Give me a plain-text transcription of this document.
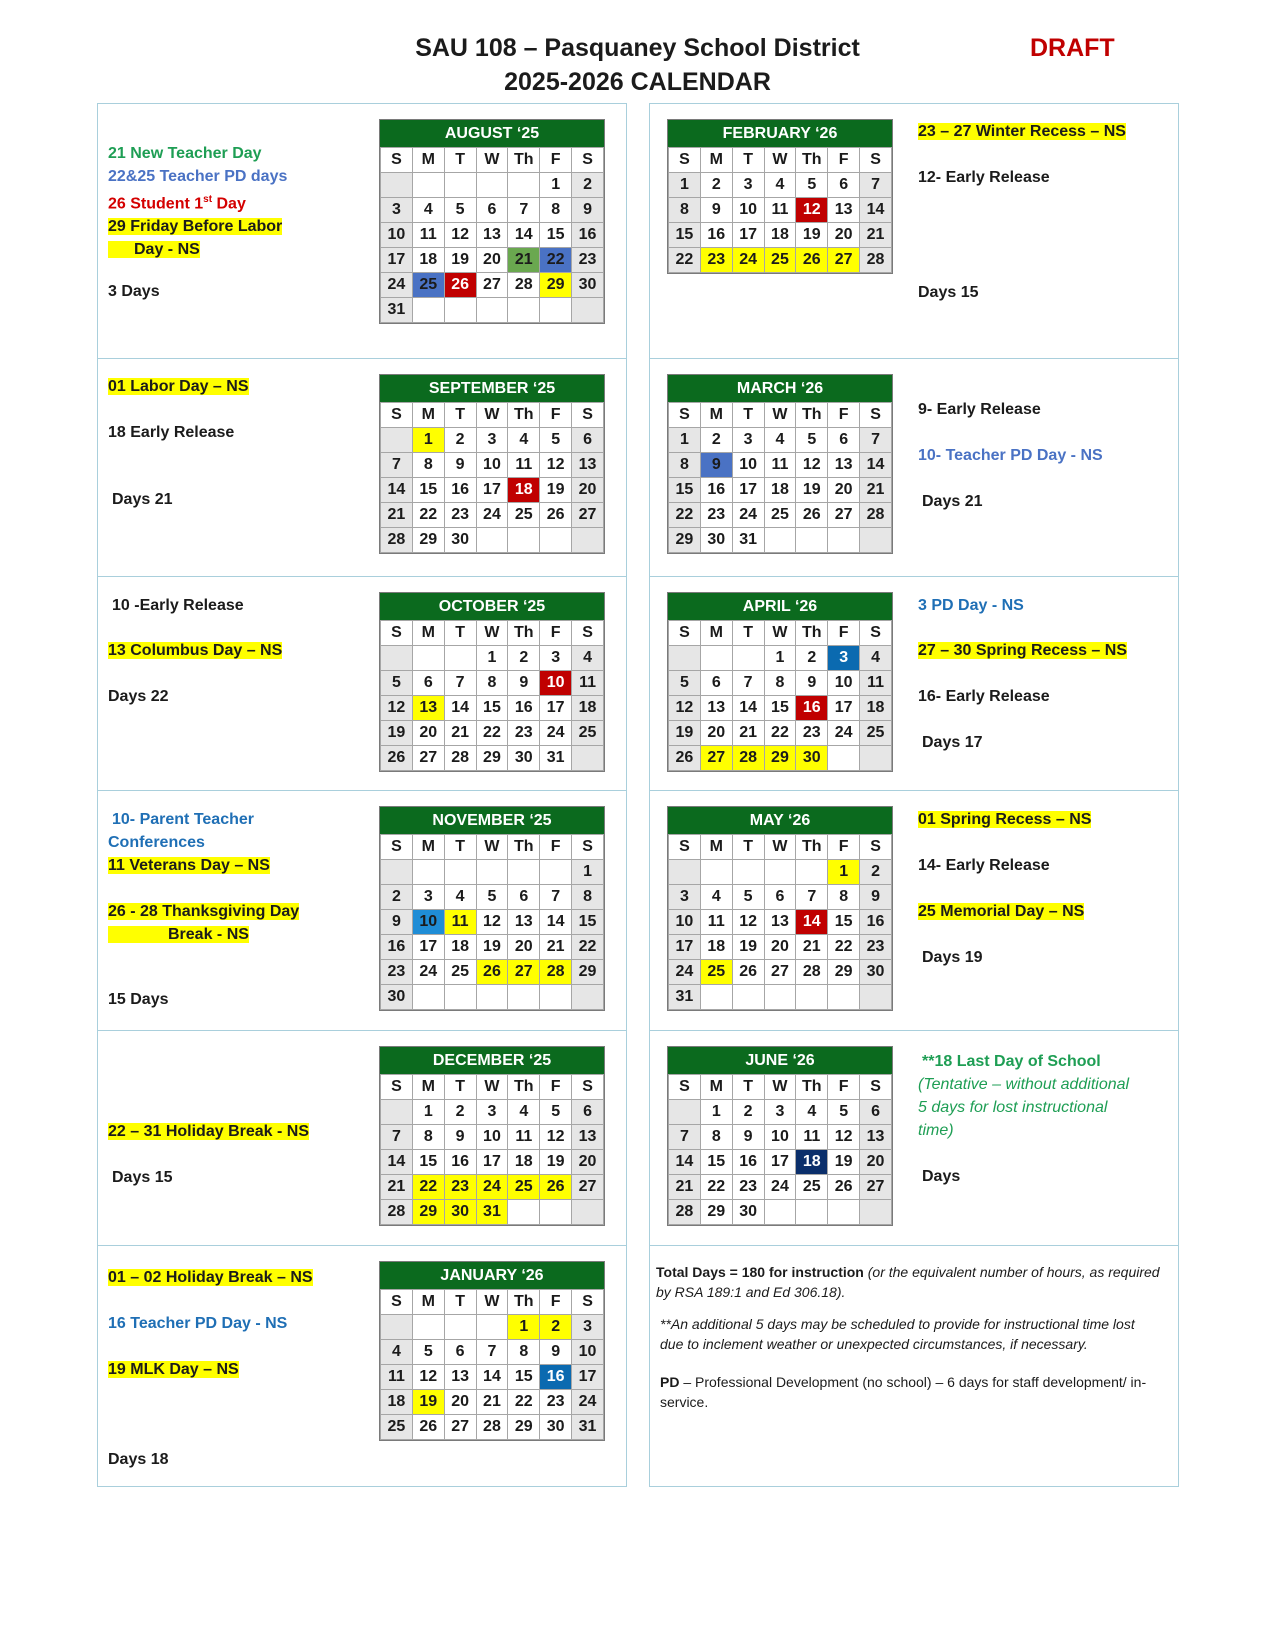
SAU 108 – Pasquaney School District
2025-2026 CALENDAR
DRAFT
AUGUST ‘25
S	M	T	W	Th	F	S
					1	2
3	4	5	6	7	8	9
10	11	12	13	14	15	16
17	18	19	20	21	22	23
24	25	26	27	28	29	30
31						
SEPTEMBER ‘25
S	M	T	W	Th	F	S
	1	2	3	4	5	6
7	8	9	10	11	12	13
14	15	16	17	18	19	20
21	22	23	24	25	26	27
28	29	30				
OCTOBER ‘25
S	M	T	W	Th	F	S
			1	2	3	4
5	6	7	8	9	10	11
12	13	14	15	16	17	18
19	20	21	22	23	24	25
26	27	28	29	30	31	
NOVEMBER ‘25
S	M	T	W	Th	F	S
						1
2	3	4	5	6	7	8
9	10	11	12	13	14	15
16	17	18	19	20	21	22
23	24	25	26	27	28	29
30						
DECEMBER ‘25
S	M	T	W	Th	F	S
	1	2	3	4	5	6
7	8	9	10	11	12	13
14	15	16	17	18	19	20
21	22	23	24	25	26	27
28	29	30	31			
JANUARY ‘26
S	M	T	W	Th	F	S
				1	2	3
4	5	6	7	8	9	10
11	12	13	14	15	16	17
18	19	20	21	22	23	24
25	26	27	28	29	30	31
FEBRUARY ‘26
S	M	T	W	Th	F	S
1	2	3	4	5	6	7
8	9	10	11	12	13	14
15	16	17	18	19	20	21
22	23	24	25	26	27	28
MARCH ‘26
S	M	T	W	Th	F	S
1	2	3	4	5	6	7
8	9	10	11	12	13	14
15	16	17	18	19	20	21
22	23	24	25	26	27	28
29	30	31				
APRIL ‘26
S	M	T	W	Th	F	S
			1	2	3	4
5	6	7	8	9	10	11
12	13	14	15	16	17	18
19	20	21	22	23	24	25
26	27	28	29	30		
MAY ‘26
S	M	T	W	Th	F	S
					1	2
3	4	5	6	7	8	9
10	11	12	13	14	15	16
17	18	19	20	21	22	23
24	25	26	27	28	29	30
31						
JUNE ‘26
S	M	T	W	Th	F	S
	1	2	3	4	5	6
7	8	9	10	11	12	13
14	15	16	17	18	19	20
21	22	23	24	25	26	27
28	29	30				
21 New Teacher Day
22&25 Teacher PD days
26 Student 1st Day
29 Friday Before Labor
Day - NS
3 Days
01 Labor Day – NS
18 Early Release
Days 21
10 -Early Release
13 Columbus Day – NS
Days 22
10- Parent Teacher
Conferences
11 Veterans Day – NS
26 - 28 Thanksgiving Day
Break - NS
15 Days
22 – 31 Holiday Break - NS
Days 15
01 – 02 Holiday Break – NS
16 Teacher PD Day - NS
19 MLK Day – NS
Days 18
23 – 27 Winter Recess – NS
12- Early Release
Days 15
9- Early Release
10- Teacher PD Day - NS
Days 21
3 PD Day - NS
27 – 30 Spring Recess – NS
16- Early Release
Days 17
01 Spring Recess – NS
14- Early Release
25 Memorial Day – NS
Days 19
**18 Last Day of School
(Tentative – without additional
5 days for lost instructional
time)
Days

Total Days = 180 for instruction (or the equivalent number of hours, as required by RSA 189:1 and Ed 306.18).

**An additional 5 days may be scheduled to provide for instructional time lost due to inclement weather or unexpected circumstances, if necessary.

PD – Professional Development (no school) – 6 days for staff development/ in-service.
